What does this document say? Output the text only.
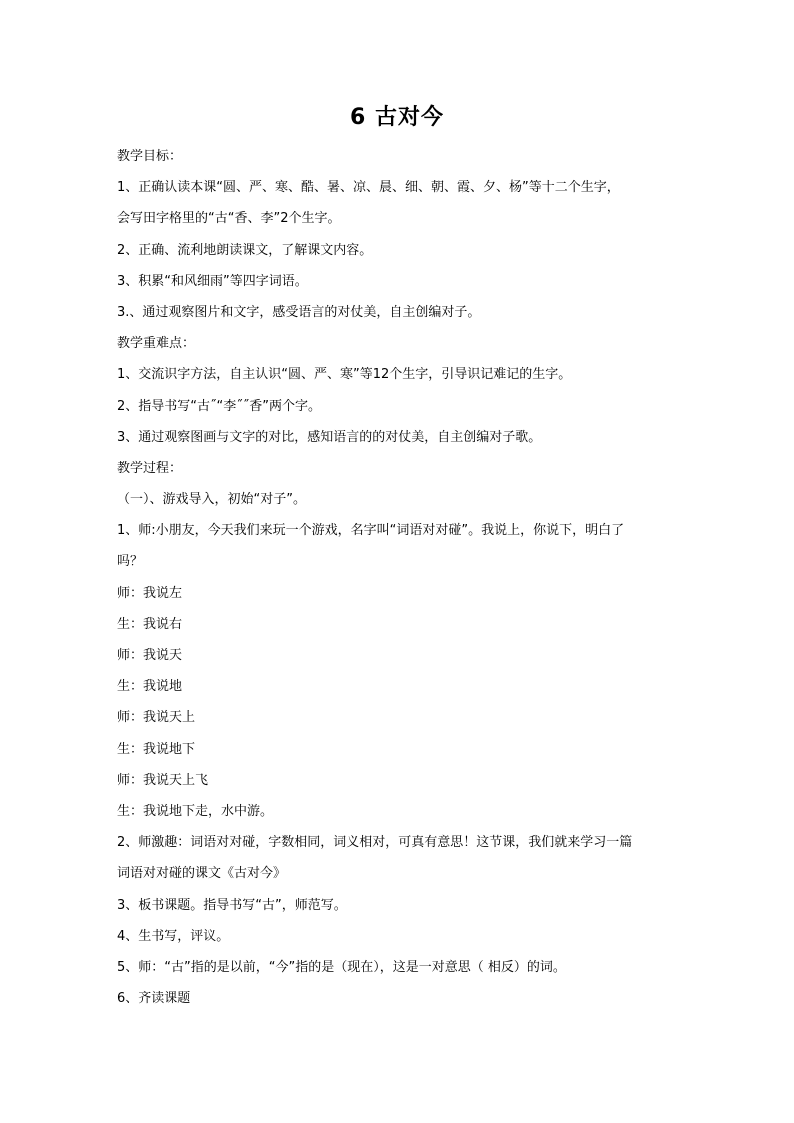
6 古对今
教学目标：
1、正确认读本课“圆、严、寒、酷、暑、凉、晨、细、朝、霞、夕、杨”等十二个生字，
会写田字格里的“古“香、李”2个生字。
2、正确、流利地朗读课文，了解课文内容。
3、积累“和风细雨”等四字词语。
3.、通过观察图片和文字，感受语言的对仗美，自主创编对子。
教学重难点：
1、交流识字方法，自主认识“圆、严、寒”等12个生字，引导识记难记的生字。
2、指导书写“古˝“李˝˝香”两个字。
3、通过观察图画与文字的对比，感知语言的的对仗美，自主创编对子歌。
教学过程：
（一）、游戏导入，初始“对子”。
1、师:小朋友，今天我们来玩一个游戏，名字叫“词语对对碰”。我说上，你说下，明白了
吗？
师：我说左
生：我说右
师：我说天
生：我说地
师：我说天上
生：我说地下
师：我说天上飞
生：我说地下走，水中游。
2、师激趣：词语对对碰，字数相同，词义相对，可真有意思！这节课，我们就来学习一篇
词语对对碰的课文《古对今》
3、板书课题。指导书写“古”，师范写。
4、生书写，评议。
5、师：“古”指的是以前，“今”指的是（现在），这是一对意思（ 相反）的词。
6、齐读课题
